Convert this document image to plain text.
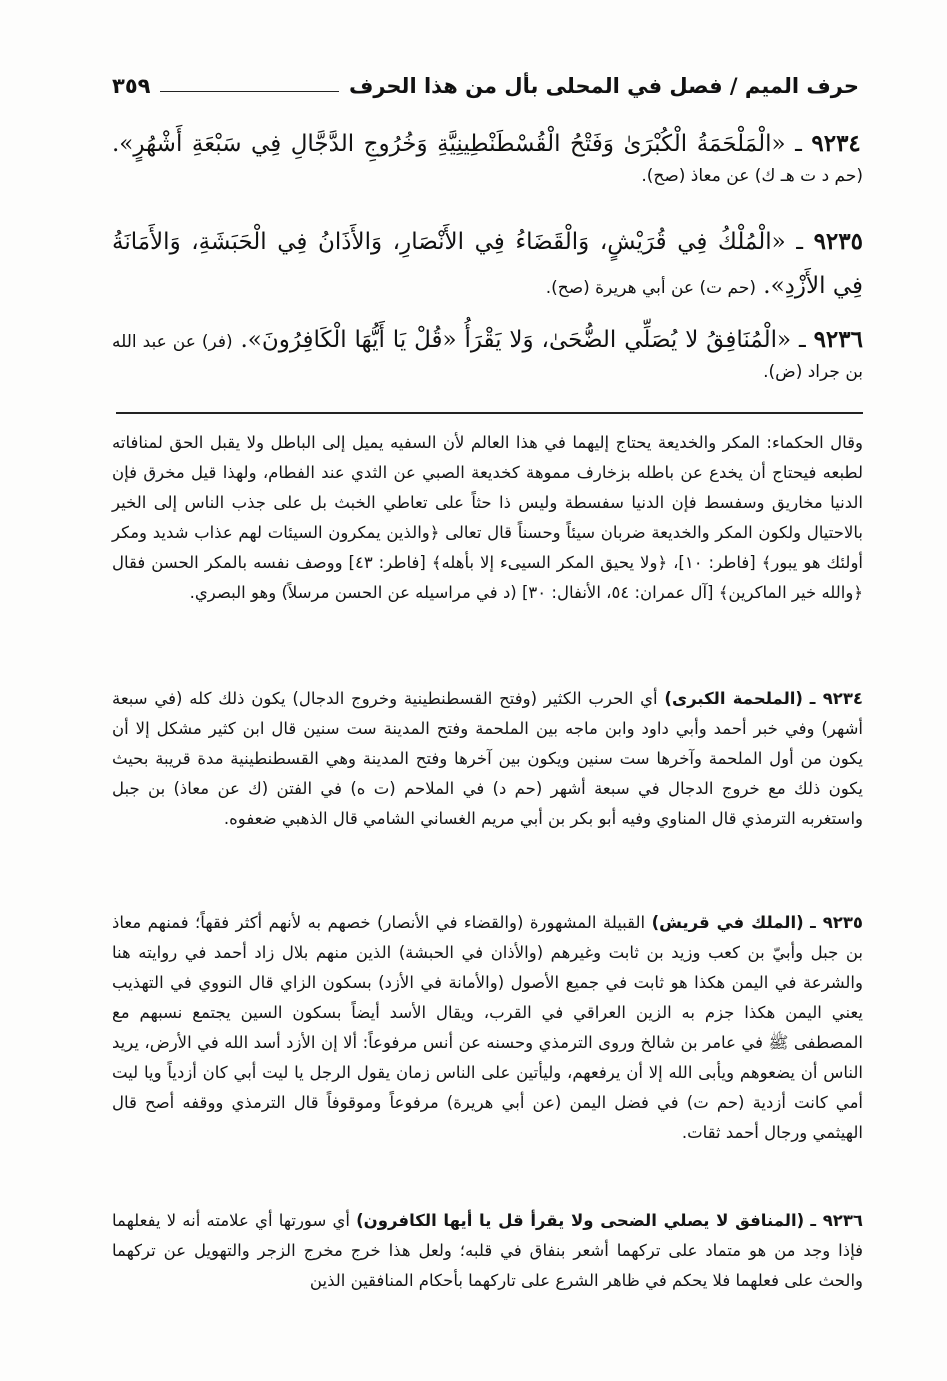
حرف الميم / فصل في المحلى بأل من هذا الحرف
٣٥٩
٩٢٣٤ ـ «الْمَلْحَمَةُ الْكُبْرَىٰ وَفَتْحُ الْقُسْطَنْطِينِيَّةِ وَخُرُوجِ الدَّجَّالِ فِي سَبْعَةِ أَشْهُرٍ». (حم د ت هـ ك) عن معاذ (صح).
٩٢٣٥ ـ «الْمُلْكُ فِي قُرَيْشٍ، وَالْقَضَاءُ فِي الأَنْصَارِ، وَالأَذَانُ فِي الْحَبَشَةِ، وَالأَمَانَةُ فِي الأَزْدِ». (حم ت) عن أبي هريرة (صح).
٩٢٣٦ ـ «الْمُنَافِقُ لا يُصَلِّي الضُّحَىٰ، وَلا يَقْرَأُ «قُلْ يَا أَيُّهَا الْكَافِرُونَ». (فر) عن عبد الله بن جراد (ض).
وقال الحكماء: المكر والخديعة يحتاج إليهما في هذا العالم لأن السفيه يميل إلى الباطل ولا يقبل الحق لمنافاته لطبعه فيحتاج أن يخدع عن باطله بزخارف مموهة كخديعة الصبي عن الثدي عند الفطام، ولهذا قيل مخرق فإن الدنيا مخاريق وسفسط فإن الدنيا سفسطة وليس ذا حثاً على تعاطي الخبث بل على جذب الناس إلى الخير بالاحتيال ولكون المكر والخديعة ضربان سيئاً وحسناً قال تعالى ﴿والذين يمكرون السيئات لهم عذاب شديد ومكر أولئك هو يبور﴾ [فاطر: ١٠]، ﴿ولا يحيق المكر السيىء إلا بأهله﴾ [فاطر: ٤٣] ووصف نفسه بالمكر الحسن فقال ﴿والله خير الماكرين﴾ [آل عمران: ٥٤، الأنفال: ٣٠] (د في مراسيله عن الحسن مرسلاً) وهو البصري.
٩٢٣٤ ـ (الملحمة الكبرى) أي الحرب الكثير (وفتح القسطنطينية وخروج الدجال) يكون ذلك كله (في سبعة أشهر) وفي خبر أحمد وأبي داود وابن ماجه بين الملحمة وفتح المدينة ست سنين قال ابن كثير مشكل إلا أن يكون من أول الملحمة وآخرها ست سنين ويكون بين آخرها وفتح المدينة وهي القسطنطينية مدة قريبة بحيث يكون ذلك مع خروج الدجال في سبعة أشهر (حم د) في الملاحم (ت ه) في الفتن (ك عن معاذ) بن جبل واستغربه الترمذي قال المناوي وفيه أبو بكر بن أبي مريم الغساني الشامي قال الذهبي ضعفوه.
٩٢٣٥ ـ (الملك في قريش) القبيلة المشهورة (والقضاء في الأنصار) خصهم به لأنهم أكثر فقهاً؛ فمنهم معاذ بن جبل وأبيّ بن كعب وزيد بن ثابت وغيرهم (والأذان في الحبشة) الذين منهم بلال زاد أحمد في روايته هنا والشرعة في اليمن هكذا هو ثابت في جميع الأصول (والأمانة في الأزد) بسكون الزاي قال النووي في التهذيب يعني اليمن هكذا جزم به الزين العراقي في القرب، ويقال الأسد أيضاً بسكون السين يجتمع نسبهم مع المصطفى ﷺ في عامر بن شالخ وروى الترمذي وحسنه عن أنس مرفوعاً: ألا إن الأزد أسد الله في الأرض، يريد الناس أن يضعوهم ويأبى الله إلا أن يرفعهم، وليأتين على الناس زمان يقول الرجل يا ليت أبي كان أزدياً ويا ليت أمي كانت أزدية (حم ت) في فضل اليمن (عن أبي هريرة) مرفوعاً وموقوفاً قال الترمذي ووقفه أصح قال الهيثمي ورجال أحمد ثقات.
٩٢٣٦ ـ (المنافق لا يصلي الضحى ولا يقرأ قل يا أيها الكافرون) أي سورتها أي علامته أنه لا يفعلهما فإذا وجد من هو متماد على تركهما أشعر بنفاق في قلبه؛ ولعل هذا خرج مخرج الزجر والتهويل عن تركهما والحث على فعلهما فلا يحكم في ظاهر الشرع على تاركهما بأحكام المنافقين الذين
